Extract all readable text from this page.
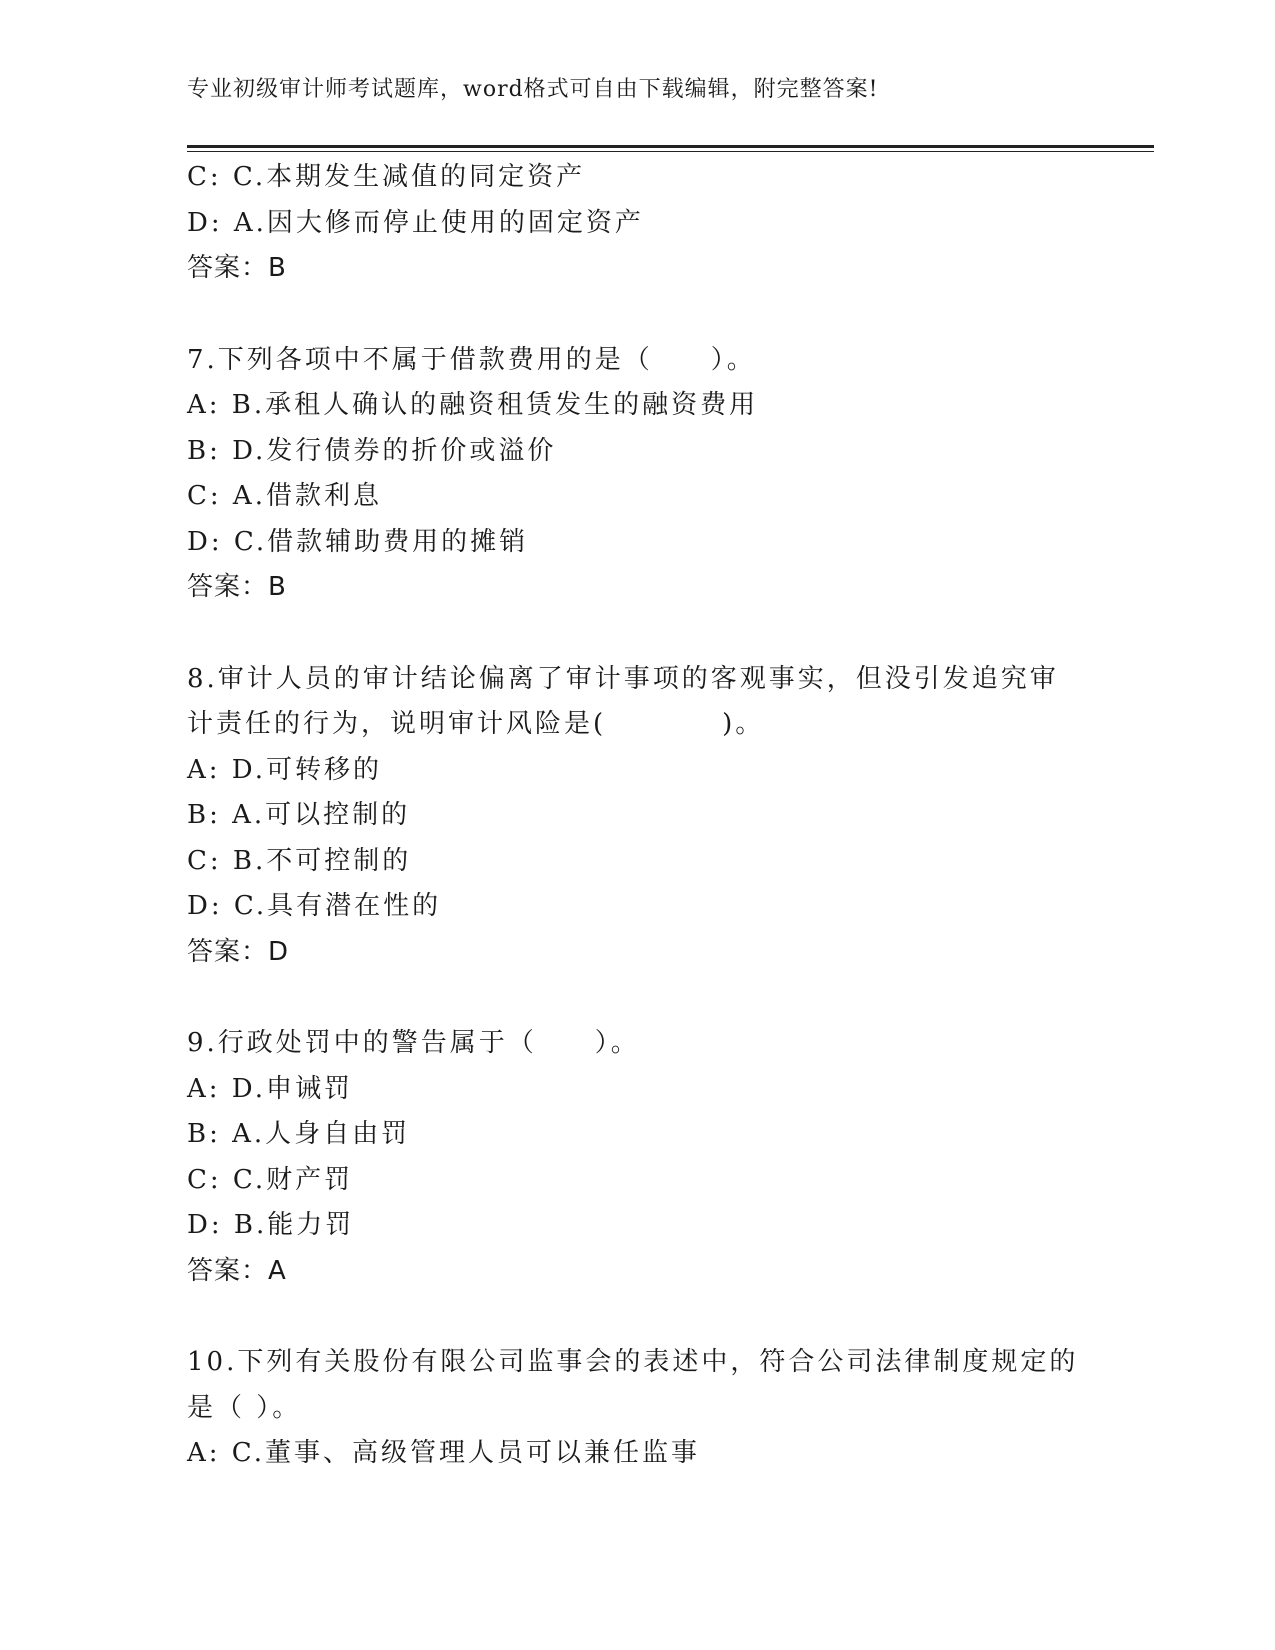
专业初级审计师考试题库，word格式可自由下载编辑，附完整答案!
C: C.本期发生减值的同定资产
D: A.因大修而停止使用的固定资产
答案：B
7.下列各项中不属于借款费用的是（　　）。
A: B.承租人确认的融资租赁发生的融资费用
B: D.发行债券的折价或溢价
C: A.借款利息
D: C.借款辅助费用的摊销
答案：B
8.审计人员的审计结论偏离了审计事项的客观事实，但没引发追究审
计责任的行为，说明审计风险是(　　　　)。
A: D.可转移的
B: A.可以控制的
C: B.不可控制的
D: C.具有潜在性的
答案：D
9.行政处罚中的警告属于（　　）。
A: D.申诫罚
B: A.人身自由罚
C: C.财产罚
D: B.能力罚
答案：A
10.下列有关股份有限公司监事会的表述中，符合公司法律制度规定的
是（ ）。
A: C.董事、高级管理人员可以兼任监事
